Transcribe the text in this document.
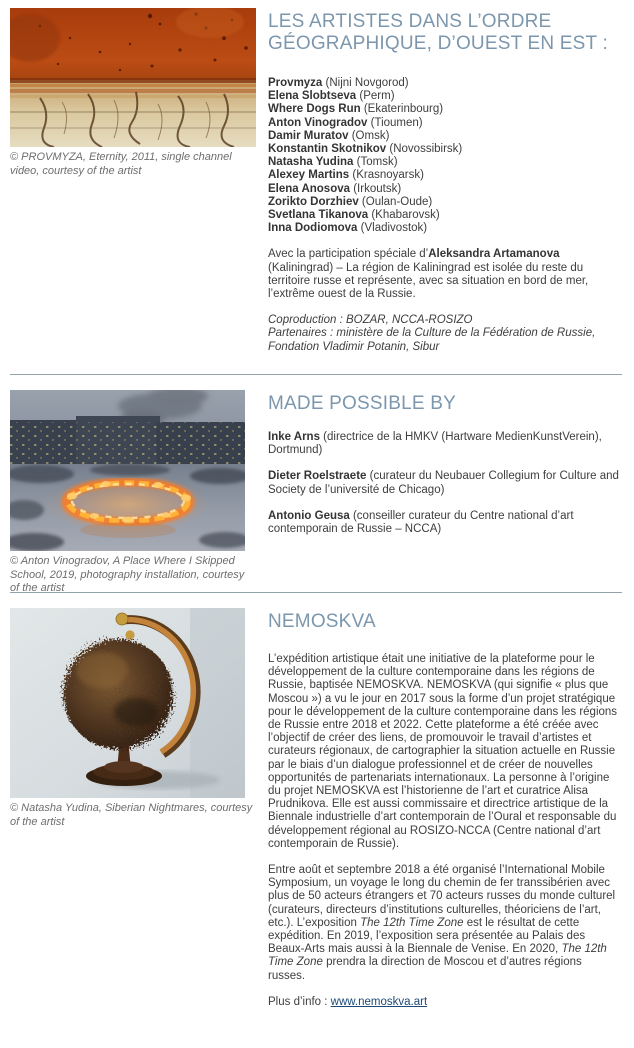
© PROVMYZA, Eternity, 2011, single channel video, courtesy of the artist
LES ARTISTES DANS L’ORDRE GÉOGRAPHIQUE, D’OUEST EN EST :
Provmyza (Nijni Novgorod)
Elena Slobtseva (Perm)
Where Dogs Run (Ekaterinbourg)
Anton Vinogradov (Tioumen)
Damir Muratov (Omsk)
Konstantin Skotnikov (Novossibirsk)
Natasha Yudina (Tomsk)
Alexey Martins (Krasnoyarsk)
Elena Anosova (Irkoutsk)
Zorikto Dorzhiev (Oulan-Oude)
Svetlana Tikanova (Khabarovsk)
Inna Dodiomova (Vladivostok)

Avec la participation spéciale d’Aleksandra Artamanova (Kaliningrad) – La région de Kaliningrad est isolée du reste du territoire russe et représente, avec sa situation en bord de mer, l’extrême ouest de la Russie.

Coproduction : BOZAR, NCCA-ROSIZO
Partenaires : ministère de la Culture de la Fédération de Russie, Fondation Vladimir Potanin, Sibur
© Anton Vinogradov, A Place Where I Skipped School, 2019, photography installation, courtesy of the artist
MADE POSSIBLE BY

Inke Arns (directrice de la HMKV (Hartware MedienKunstVerein), Dortmund)

Dieter Roelstraete (curateur du Neubauer Collegium for Culture and Society de l’université de Chicago)

Antonio Geusa (conseiller curateur du Centre national d’art contemporain de Russie – NCCA)

© Natasha Yudina, Siberian Nightmares, courtesy of the artist
NEMOSKVA

L’expédition artistique était une initiative de la plateforme pour le développement de la culture contemporaine dans les régions de Russie, baptisée NEMOSKVA. NEMOSKVA (qui signifie « plus que Moscou ») a vu le jour en 2017 sous la forme d’un projet stratégique pour le développement de la culture contemporaine dans les régions de Russie entre 2018 et 2022. Cette plateforme a été créée avec l’objectif de créer des liens, de promouvoir le travail d’artistes et curateurs régionaux, de cartographier la situation actuelle en Russie par le biais d’un dialogue professionnel et de créer de nouvelles opportunités de partenariats internationaux. La personne à l’origine du projet NEMOSKVA est l’historienne de l’art et curatrice Alisa Prudnikova. Elle est aussi commissaire et directrice artistique de la Biennale industrielle d’art contemporain de l’Oural et responsable du développement régional au ROSIZO-NCCA (Centre national d’art contemporain de Russie).

Entre août et septembre 2018 a été organisé l’International Mobile Symposium, un voyage le long du chemin de fer transsibérien avec plus de 50 acteurs étrangers et 70 acteurs russes du monde culturel (curateurs, directeurs d’institutions culturelles, théoriciens de l’art, etc.). L’exposition The 12th Time Zone est le résultat de cette expédition. En 2019, l’exposition sera présentée au Palais des Beaux-Arts mais aussi à la Biennale de Venise. En 2020, The 12th Time Zone prendra la direction de Moscou et d’autres régions russes.

Plus d’info : www.nemoskva.art
